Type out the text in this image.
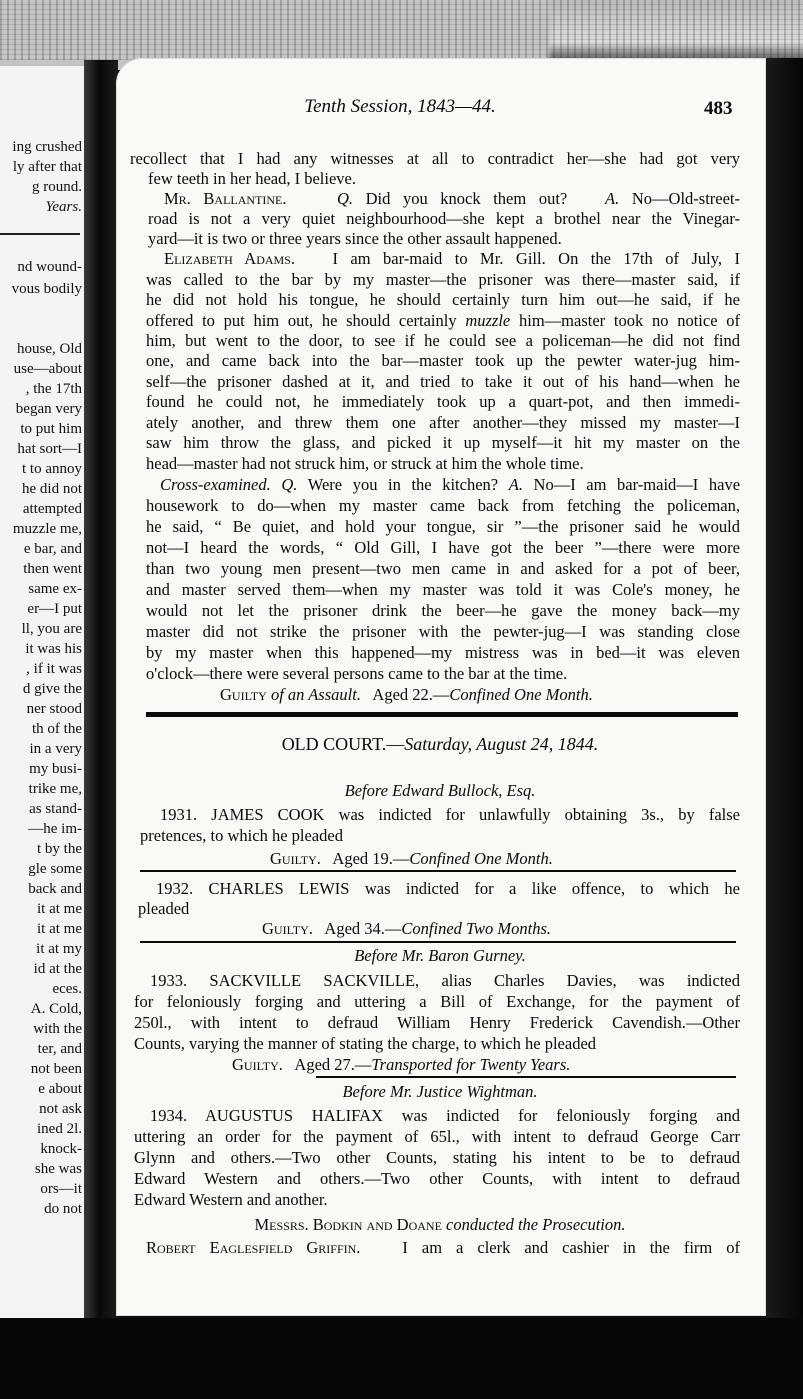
ing crushed
ly after that
g round.
Years.
nd wound-
vous bodily
house, Old
use—about
, the 17th
began very
to put him
hat sort—I
t to annoy
he did not
attempted
muzzle me,
e bar, and
then went
same ex-
er—I put
ll, you are
it was his
, if it was
d give the
ner stood
th of the
in a very
my busi-
trike me,
as stand-
—he im-
t by the
gle some
back and
it at me
it at me
it at my
id at the
eces.
A. Cold,
with the
ter, and
not been
e about
not ask
ined 2l.
knock-
she was
ors—it
do not
Tenth Session, 1843—44.	483
recollect that I had any witnesses at all to contradict her—she had got very
few teeth in her head, I believe.
Mr. Ballantine.	Q. Did you knock them out? A. No—Old-street-
road is not a very quiet neighbourhood—she kept a brothel near the Vinegar-
yard—it is two or three years since the other assault happened.
Elizabeth Adams. I am bar-maid to Mr. Gill. On the 17th of July, I
was called to the bar by my master—the prisoner was there—master said, if
he did not hold his tongue, he should certainly turn him out—he said, if he
offered to put him out, he should certainly muzzle him—master took no notice of
him, but went to the door, to see if he could see a policeman—he did not find
one, and came back into the bar—master took up the pewter water-jug him-
self—the prisoner dashed at it, and tried to take it out of his hand—when he
found he could not, he immediately took up a quart-pot, and then immedi-
ately another, and threw them one after another—they missed my master—I
saw him throw the glass, and picked it up myself—it hit my master on the
head—master had not struck him, or struck at him the whole time.
Cross-examined. Q. Were you in the kitchen? A. No—I am bar-maid—I have
housework to do—when my master came back from fetching the policeman,
he said, “ Be quiet, and hold your tongue, sir ”—the prisoner said he would
not—I heard the words, “ Old Gill, I have got the beer ”—there were more
than two young men present—two men came in and asked for a pot of beer,
and master served them—when my master was told it was Cole's money, he
would not let the prisoner drink the beer—he gave the money back—my
master did not strike the prisoner with the pewter-jug—I was standing close
by my master when this happened—my mistress was in bed—it was eleven
o'clock—there were several persons came to the bar at the time.
Guilty of an Assault. Aged 22.—Confined One Month.
OLD COURT.—Saturday, August 24, 1844.
Before Edward Bullock, Esq.
1931. JAMES COOK was indicted for unlawfully obtaining 3s., by false
pretences, to which he pleaded
Guilty. Aged 19.—Confined One Month.
1932. CHARLES LEWIS was indicted for a like offence, to which he
pleaded
Guilty. Aged 34.—Confined Two Months.
Before Mr. Baron Gurney.
1933. SACKVILLE SACKVILLE, alias Charles Davies, was indicted
for feloniously forging and uttering a Bill of Exchange, for the payment of
250l., with intent to defraud William Henry Frederick Cavendish.—Other
Counts, varying the manner of stating the charge, to which he pleaded
Guilty. Aged 27.—Transported for Twenty Years.
Before Mr. Justice Wightman.
1934. AUGUSTUS HALIFAX was indicted for feloniously forging and
uttering an order for the payment of 65l., with intent to defraud George Carr
Glynn and others.—Two other Counts, stating his intent to be to defraud
Edward Western and others.—Two other Counts, with intent to defraud
Edward Western and another.
Messrs. Bodkin and Doane conducted the Prosecution.
Robert Eaglesfield Griffin.	I am a clerk and cashier in the firm of
